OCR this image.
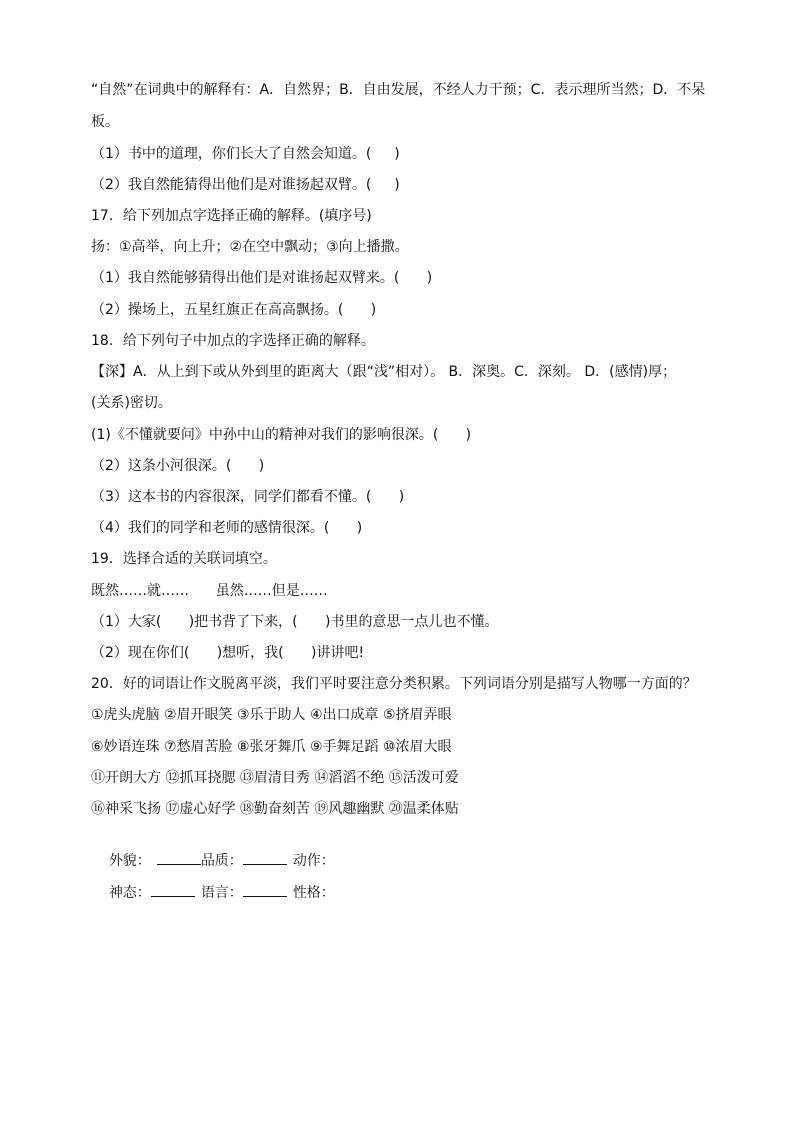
“自然”在词典中的解释有：A．自然界；B．自由发展，不经人力干预；C．表示理所当然；D．不呆
板。
（1）书中的道理，你们长大了自然会知道。(　  )
（2）我自然能猜得出他们是对谁扬起双臂。(　  )
17．给下列加点字选择正确的解释。(填序号)
扬：①高举，向上升；②在空中飘动；③向上播撒。
（1）我自然能够猜得出他们是对谁扬起双臂来。(　   )
（2）操场上，五星红旗正在高高飘扬。(　   )
18．给下列句子中加点的字选择正确的解释。
【深】A．从上到下或从外到里的距离大（跟“浅”相对）。 B．深奥。C．深刻。 D．(感情)厚；
(关系)密切。
(1)《不懂就要问》中孙中山的精神对我们的影响很深。(　   )
（2）这条小河很深。(　   )
（3）这本书的内容很深，同学们都看不懂。(　   )
（4）我们的同学和老师的感情很深。(　   )
19．选择合适的关联词填空。
既然……就……      虽然……但是……
（1）大家(　   )把书背了下来，(　   )书里的意思一点儿也不懂。
（2）现在你们(　   )想听，我(　   )讲讲吧!
20．好的词语让作文脱离平淡，我们平时要注意分类积累。下列词语分别是描写人物哪一方面的？
①虎头虎脑 ②眉开眼笑 ③乐于助人 ④出口成章 ⑤挤眉弄眼
⑥妙语连珠 ⑦愁眉苦脸 ⑧张牙舞爪 ⑨手舞足蹈 ⑩浓眉大眼
⑪开朗大方 ⑫抓耳挠腮 ⑬眉清目秀 ⑭滔滔不绝 ⑮活泼可爱
⑯神采飞扬 ⑰虚心好学 ⑱勤奋刻苦 ⑲风趣幽默 ⑳温柔体贴

外貌：	品质：	动作：

神态：	语言：	性格：
